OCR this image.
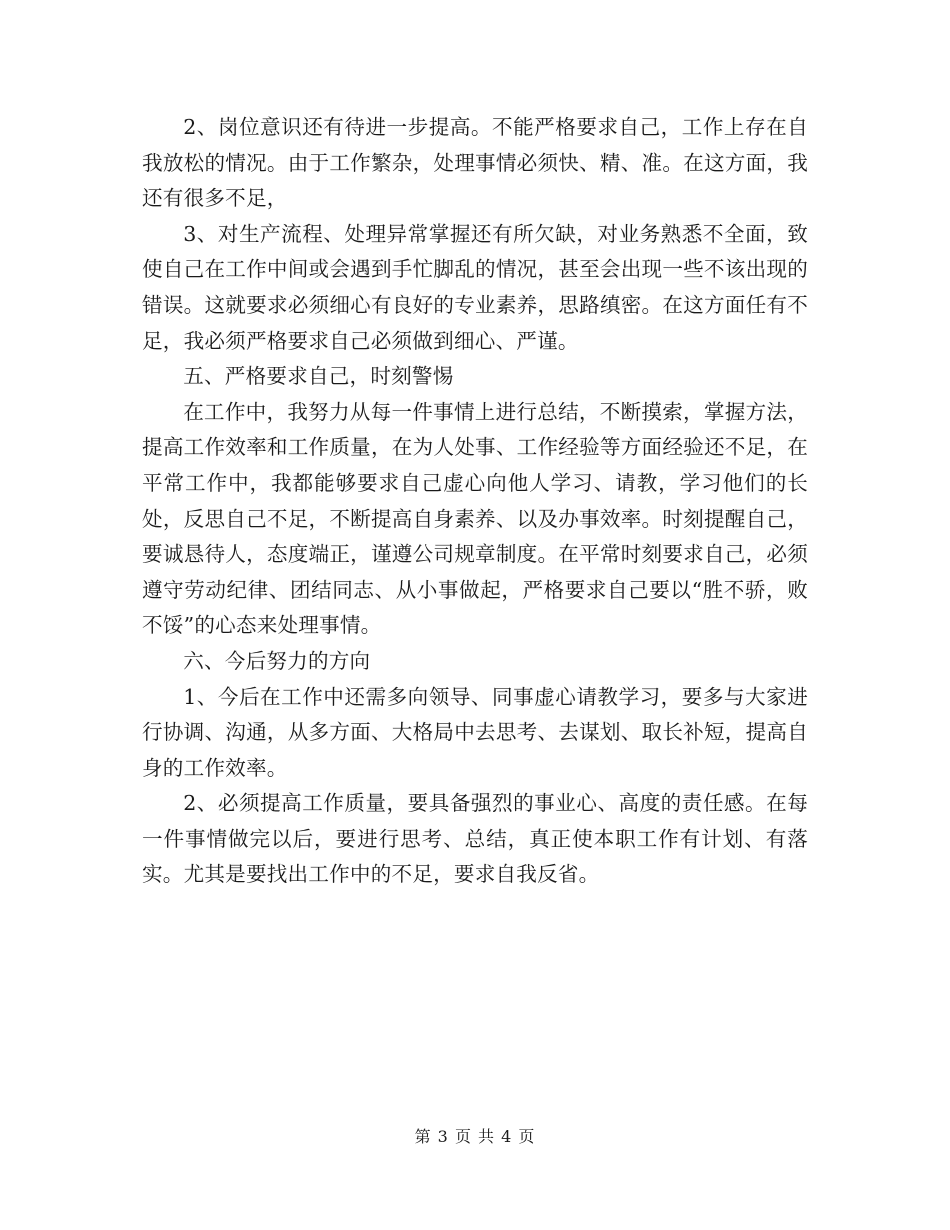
2、岗位意识还有待进一步提高。不能严格要求自己，工作上存在自我放松的情况。由于工作繁杂，处理事情必须快、精、准。在这方面，我还有很多不足，

3、对生产流程、处理异常掌握还有所欠缺，对业务熟悉不全面，致使自己在工作中间或会遇到手忙脚乱的情况，甚至会出现一些不该出现的错误。这就要求必须细心有良好的专业素养，思路缜密。在这方面任有不足，我必须严格要求自己必须做到细心、严谨。

五、严格要求自己，时刻警惕

在工作中，我努力从每一件事情上进行总结，不断摸索，掌握方法，提高工作效率和工作质量，在为人处事、工作经验等方面经验还不足，在平常工作中，我都能够要求自己虚心向他人学习、请教，学习他们的长处，反思自己不足，不断提高自身素养、以及办事效率。时刻提醒自己，要诚恳待人，态度端正，谨遵公司规章制度。在平常时刻要求自己，必须遵守劳动纪律、团结同志、从小事做起，严格要求自己要以“胜不骄，败不馁”的心态来处理事情。

六、今后努力的方向

1、今后在工作中还需多向领导、同事虚心请教学习，要多与大家进行协调、沟通，从多方面、大格局中去思考、去谋划、取长补短，提高自身的工作效率。

2、必须提高工作质量，要具备强烈的事业心、高度的责任感。在每一件事情做完以后，要进行思考、总结，真正使本职工作有计划、有落实。尤其是要找出工作中的不足，要求自我反省。

第 3 页 共 4 页
